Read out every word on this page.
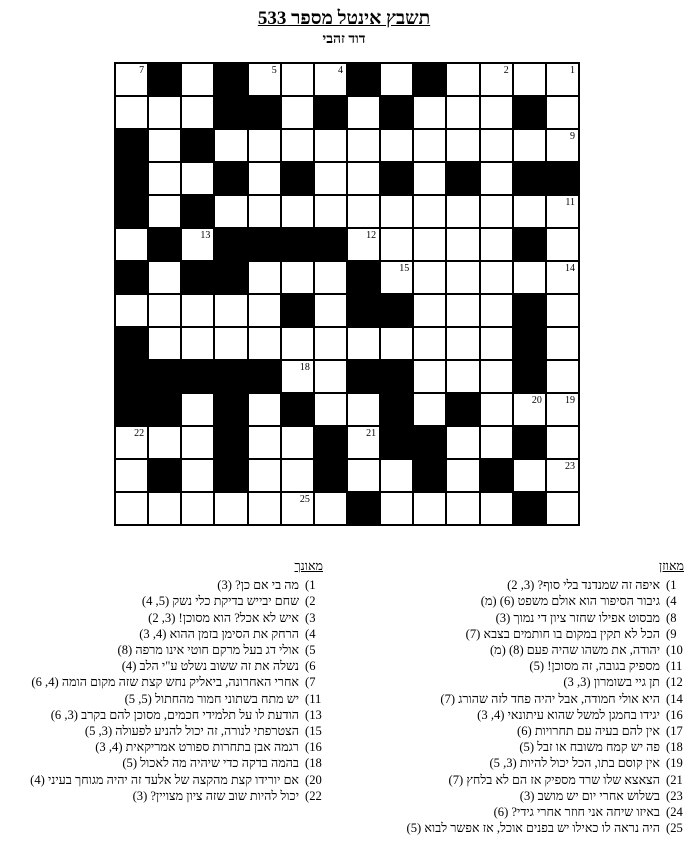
תשבץ אינטל מספר 533
דוד זהבי
1
2
3
4
5
6
7
8
9
10
11
12
13
14
15
16
17
18
19
20
21
22
23
24
25
מאוזן
1)
איפה זה שמנדנד בלי סוף? (3, 2)
4)
גיבור הסיפור הוא אולם משפט (6) (מ)
8)
מבסוט אפילו שחזר ציון די נמוך (3)
9)
הכל לא תקין במקום בו חותמים בצבא (7)
10)
יהודה, את משהו שהיה פעם (8) (מ)
11)
מספיק בגובה, זה מסוכן! (5)
12)
תן גיי בשומרון (3, 3)
14)
היא אולי חמודה, אבל יהיה פחד לזה שהורג (7)
16)
יגידו בחמגן למשל שהוא עיתונאי (4, 3)
17)
אין להם בעיה עם תחרויות (6)
18)
פה יש קמח משובח או זבל (5)
19)
אין קוסם בתו, הכל יכול להיות (3, 5)
21)
הצאצא שלו שרד מספיק אז הם לא בלחץ (7)
23)
בשלוש אחרי יום יש מושב (3)
24)
באיזו שיחה אני חוזר אחרי גידי? (6)
25)
היה נראה לו כאילו יש בפנים אוכל, אז אפשר לבוא (5)
מאונך
1)
מה בי אם כן? (3)
2)
שחם יבייש בדיקת כלי נשק (5, 4)
3)
איש לא אכל? הוא מסוכן! (3, 2)
4)
הרחק את הסימן בזמן ההוא (4, 3)
5)
אולי דג בעל מרקם חוטי אינו מרפה (8)
6)
נשלה את זה ששוב נשלט ע"י הלב (4)
7)
אחרי האחרונה, ביאליק נחש קצת שזה מקום הומה (4, 6)
11)
יש מתח בשתוני חמור מהחתול (5, 5)
13)
הודעת לו על תלמידי חכמים, מסוכן להם בקרב (3, 6)
15)
הצטרפתי לנורה, זה יכול להניע לפעולה (3, 5)
16)
רגמה אבן בתחרות ספורט אמריקאית (4, 3)
18)
בהמה בדקה כדי שיהיה מה לאכול (5)
20)
אם יורידו קצת מהקצה של אלעד זה יהיה מגוחך בעיני (4)
22)
יכול להיות שוב שזה ציון מצויין? (3)
